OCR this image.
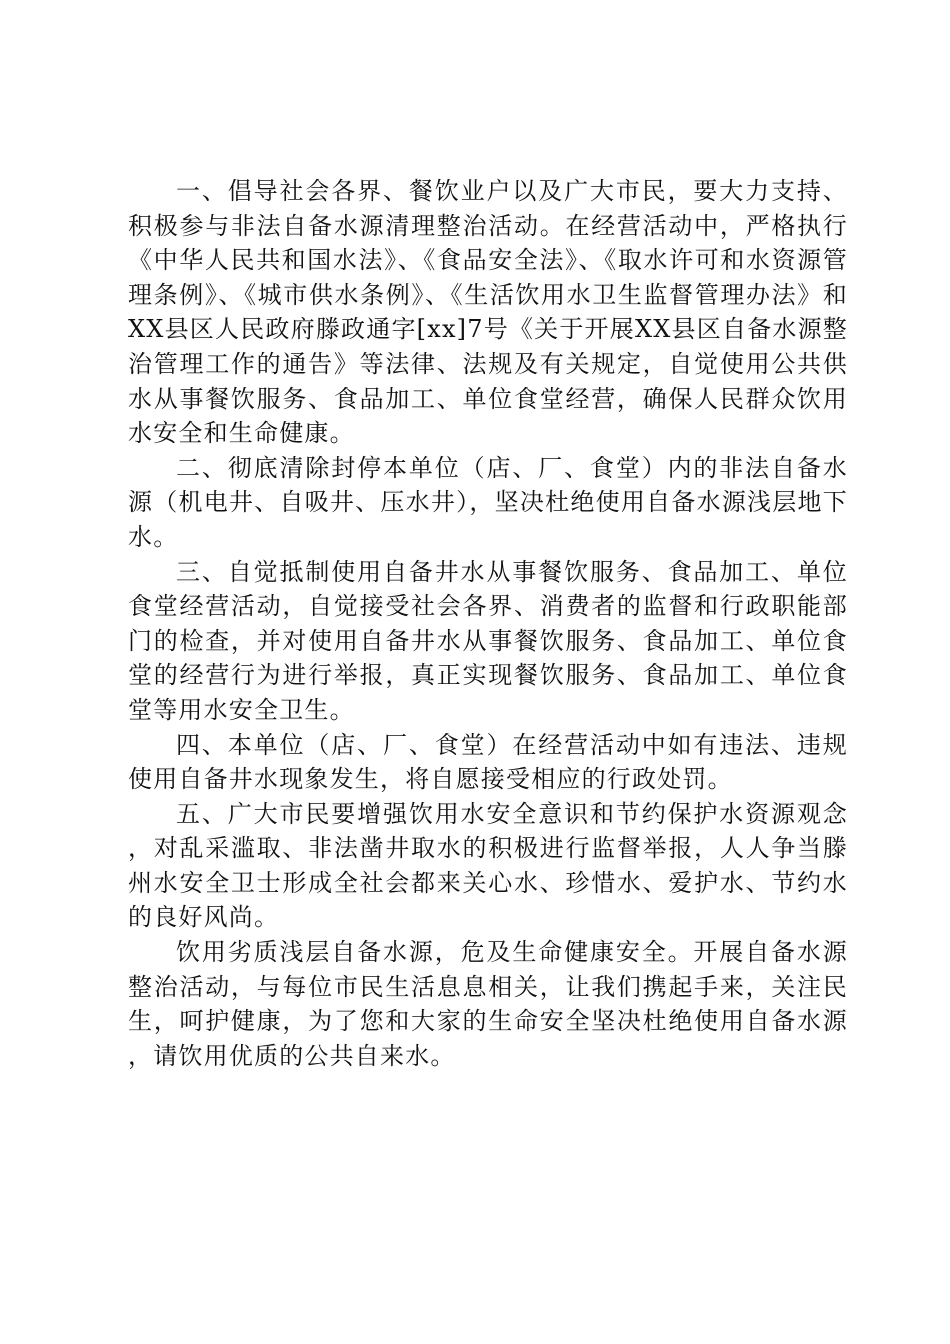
一、倡导社会各界、餐饮业户以及广大市民，要大力支持、积极参与非法自备水源清理整治活动。在经营活动中，严格执行《中华人民共和国水法》、《食品安全法》、《取水许可和水资源管理条例》、《城市供水条例》、《生活饮用水卫生监督管理办法》和XX县区人民政府滕政通字[xx]7号《关于开展XX县区自备水源整治管理工作的通告》等法律、法规及有关规定，自觉使用公共供水从事餐饮服务、食品加工、单位食堂经营，确保人民群众饮用水安全和生命健康。

二、彻底清除封停本单位（店、厂、食堂）内的非法自备水源（机电井、自吸井、压水井），坚决杜绝使用自备水源浅层地下水。

三、自觉抵制使用自备井水从事餐饮服务、食品加工、单位食堂经营活动，自觉接受社会各界、消费者的监督和行政职能部门的检查，并对使用自备井水从事餐饮服务、食品加工、单位食堂的经营行为进行举报，真正实现餐饮服务、食品加工、单位食堂等用水安全卫生。

四、本单位（店、厂、食堂）在经营活动中如有违法、违规使用自备井水现象发生，将自愿接受相应的行政处罚。

五、广大市民要增强饮用水安全意识和节约保护水资源观念，对乱采滥取、非法凿井取水的积极进行监督举报，人人争当滕州水安全卫士形成全社会都来关心水、珍惜水、爱护水、节约水的良好风尚。

饮用劣质浅层自备水源，危及生命健康安全。开展自备水源整治活动，与每位市民生活息息相关，让我们携起手来，关注民生，呵护健康，为了您和大家的生命安全坚决杜绝使用自备水源，请饮用优质的公共自来水。
